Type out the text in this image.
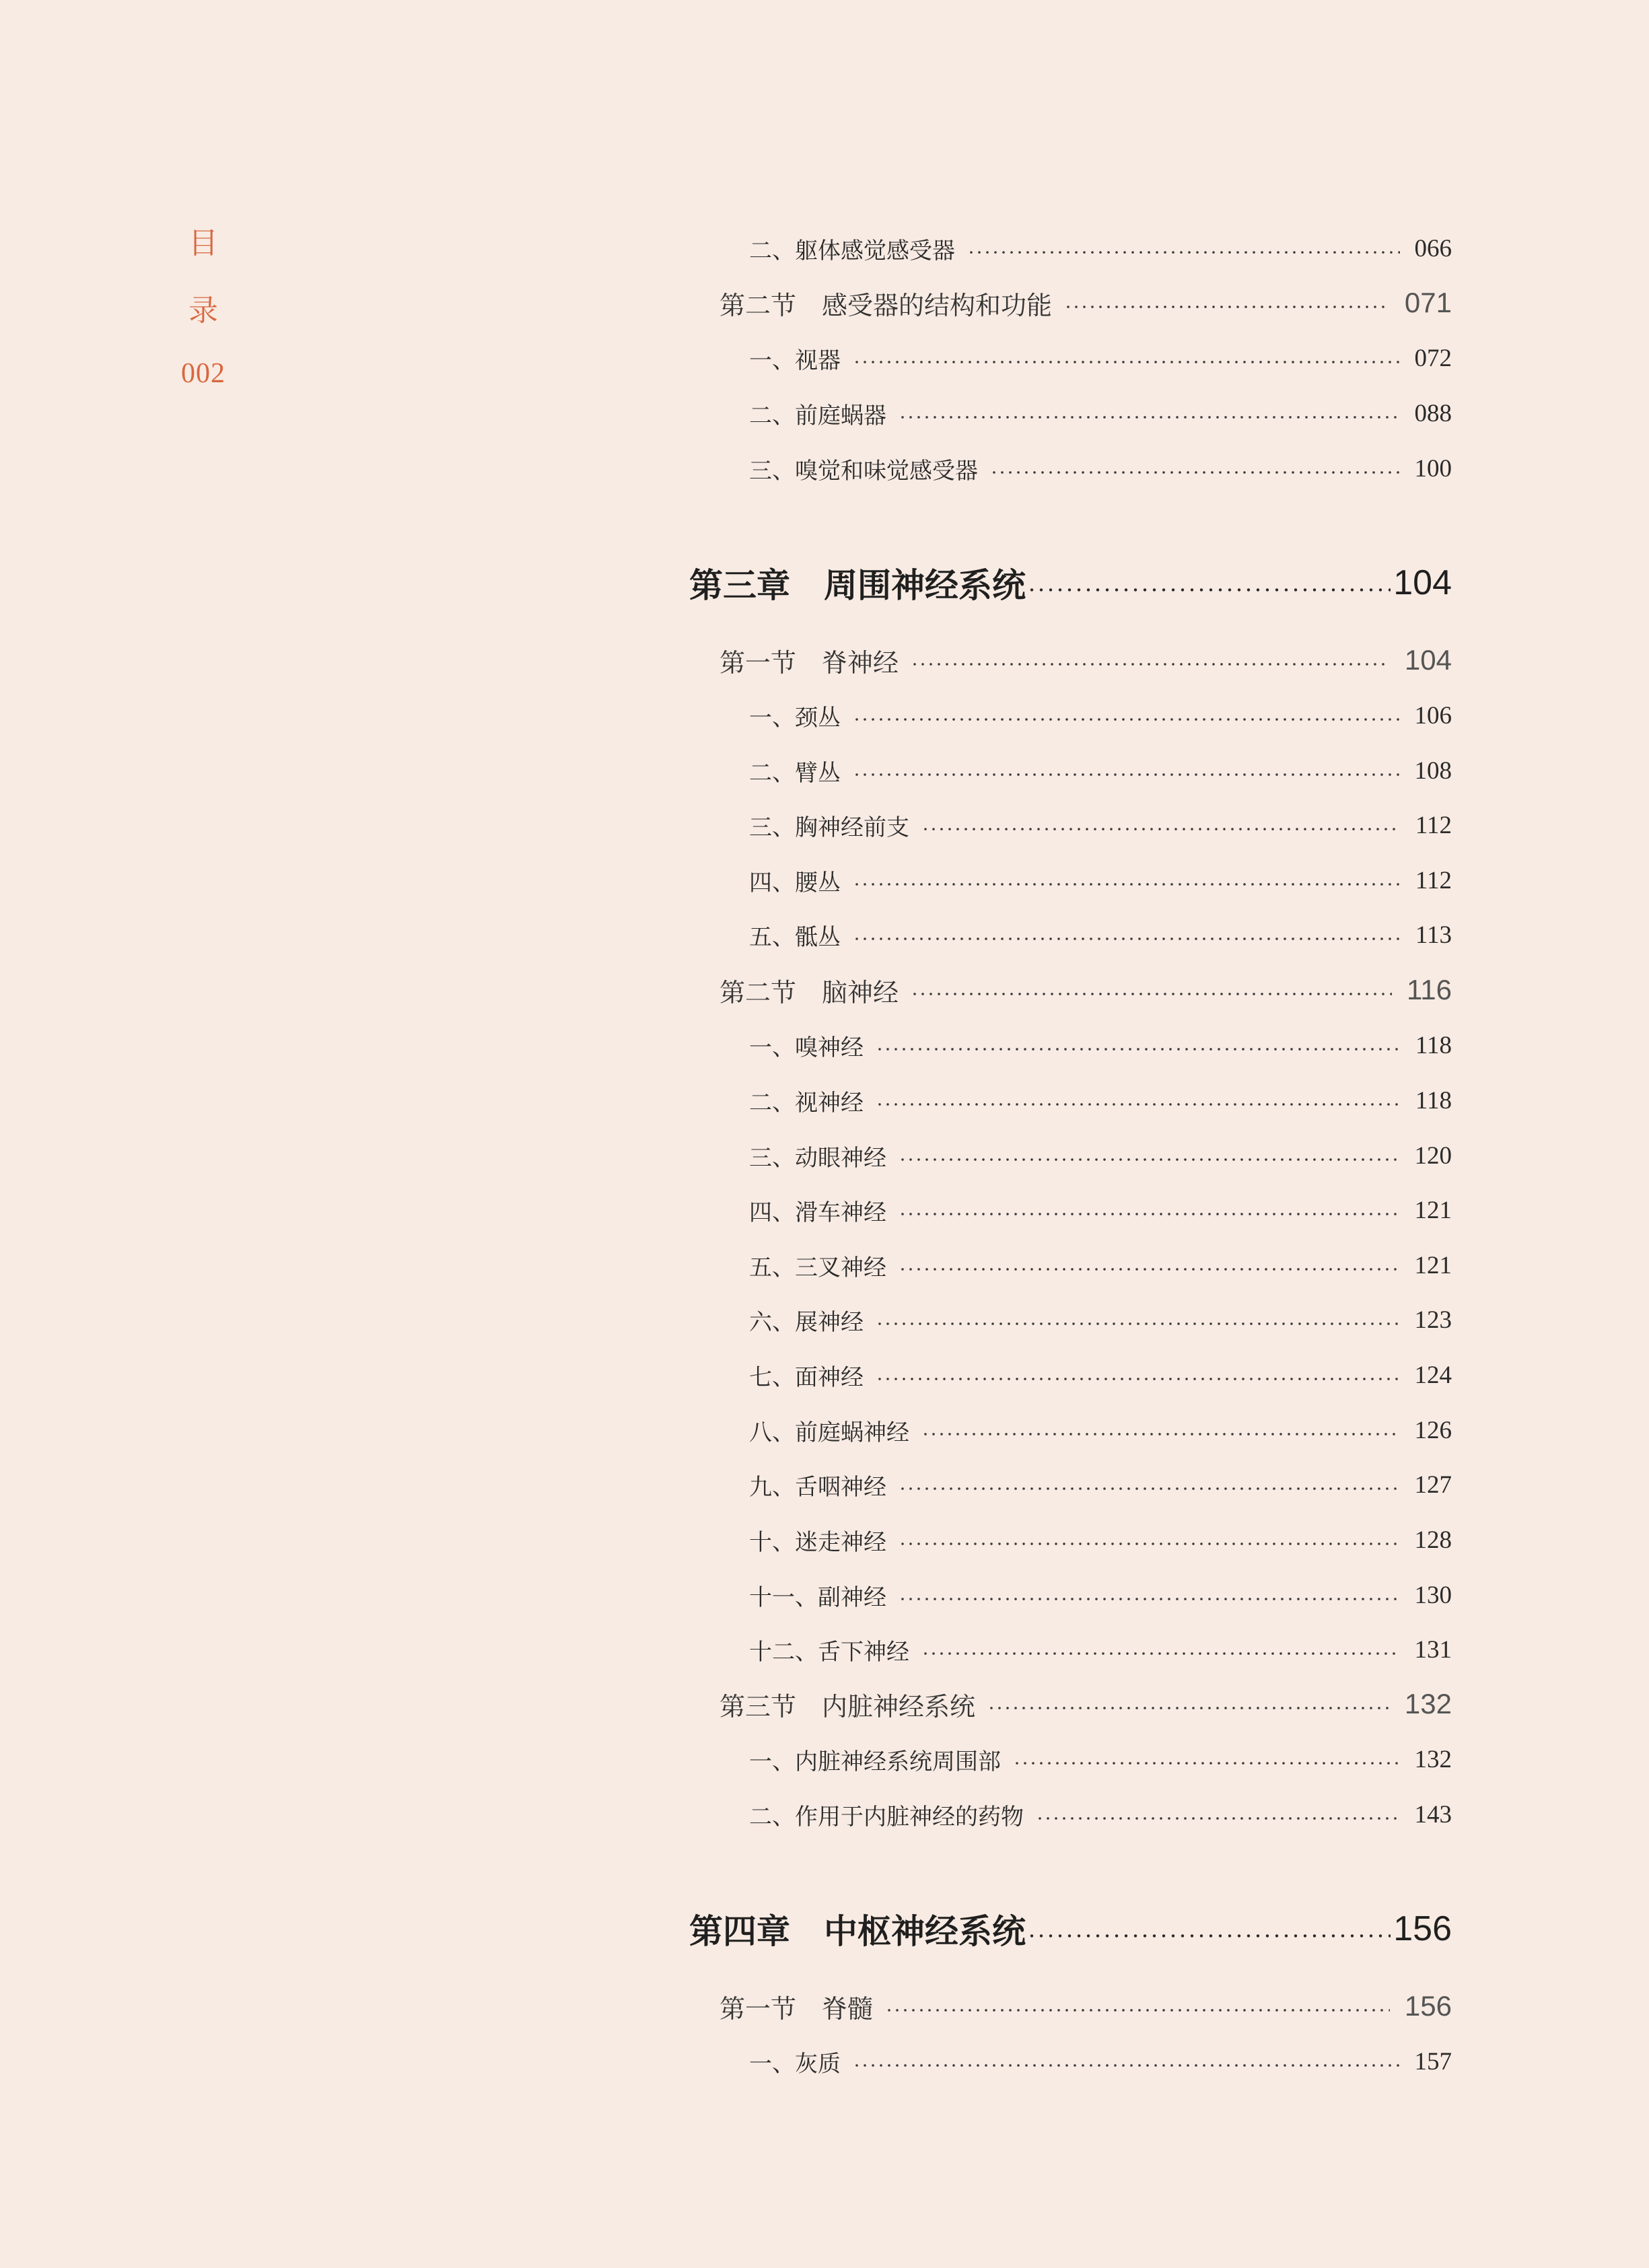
目
录
002
二、躯体感觉感受器	066
第二节　感受器的结构和功能	071
一、视器	072
二、前庭蜗器	088
三、嗅觉和味觉感受器	100
第三章　周围神经系统	104
第一节　脊神经	104
一、颈丛	106
二、臂丛	108
三、胸神经前支	112
四、腰丛	112
五、骶丛	113
第二节　脑神经	116
一、嗅神经	118
二、视神经	118
三、动眼神经	120
四、滑车神经	121
五、三叉神经	121
六、展神经	123
七、面神经	124
八、前庭蜗神经	126
九、舌咽神经	127
十、迷走神经	128
十一、副神经	130
十二、舌下神经	131
第三节　内脏神经系统	132
一、内脏神经系统周围部	132
二、作用于内脏神经的药物	143
第四章　中枢神经系统	156
第一节　脊髓	156
一、灰质	157
